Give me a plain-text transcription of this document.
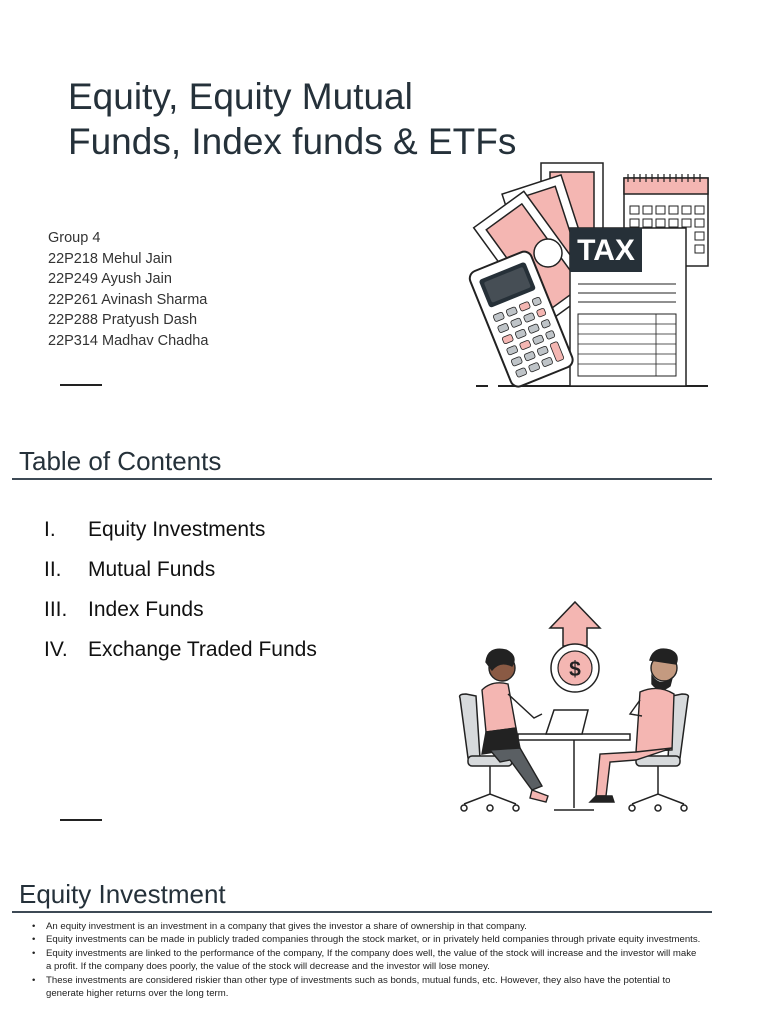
Equity, Equity Mutual
Funds, Index funds & ETFs
Group 4
22P218 Mehul Jain
22P249 Ayush Jain
22P261 Avinash Sharma
22P288 Pratyush Dash
22P314 Madhav Chadha
TAX
Table of Contents
I.	Equity Investments
II.	Mutual Funds
III. Index Funds
IV. Exchange Traded Funds
$
Equity Investment
• An equity investment is an investment in a company that gives the investor a share of ownership in that company.
• Equity investments can be made in publicly traded companies through the stock market, or in privately held companies through private equity investments.
• Equity investments are linked to the performance of the company, If the company does well, the value of the stock will increase and the investor will make a profit. If the company does poorly, the value of the stock will decrease and the investor will lose money.
• These investments are considered riskier than other type of investments such as bonds, mutual funds, etc. However, they also have the potential to generate higher returns over the long term.
